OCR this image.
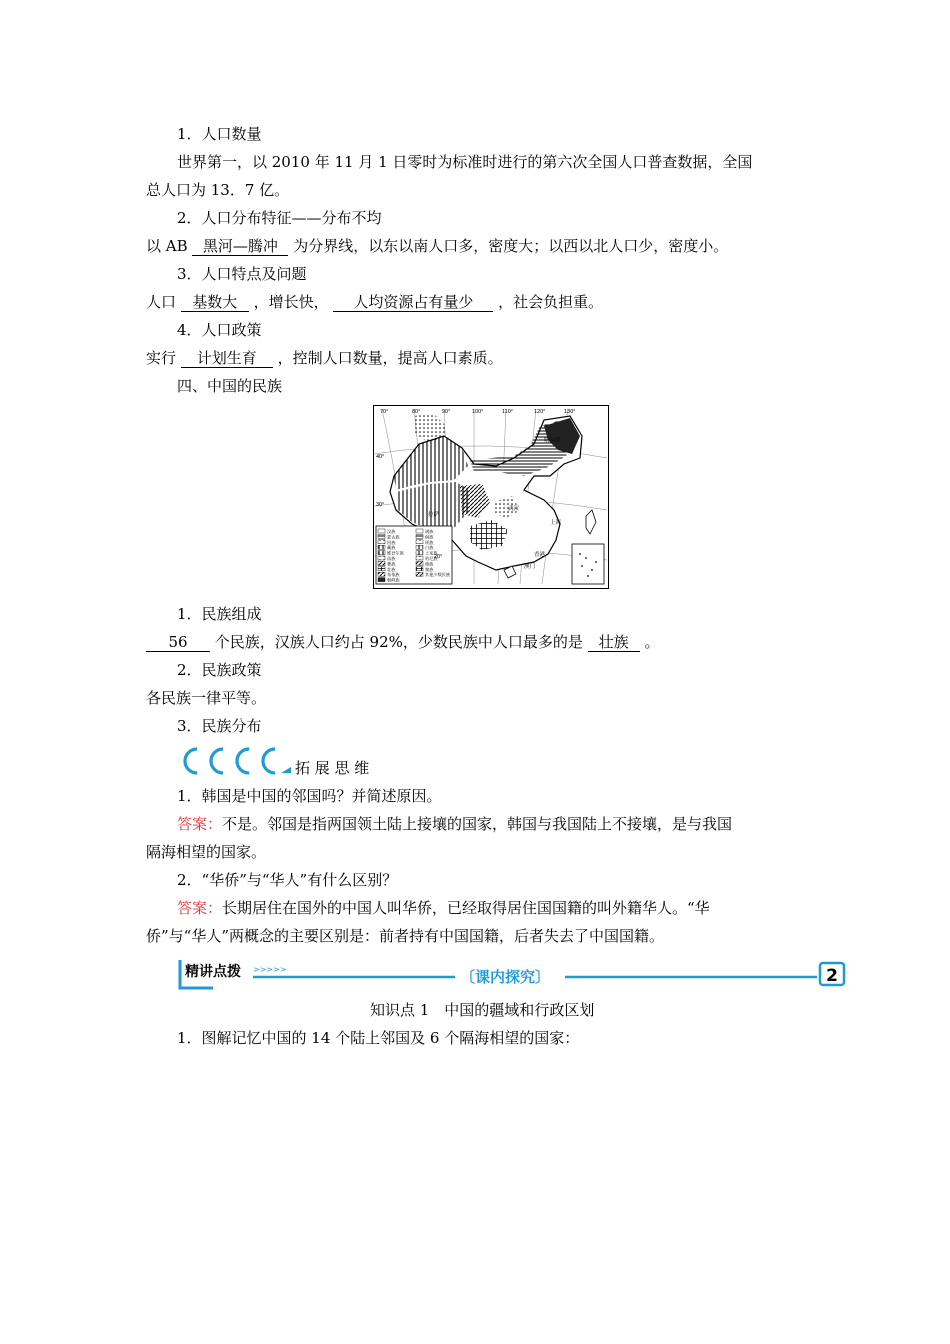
1．人口数量
世界第一，以 2010 年 11 月 1 日零时为标准时进行的第六次全国人口普查数据，全国
总人口为 13．7 亿。
2．人口分布特征——分布不均
以 AB 黑河—腾冲 为分界线，以东以南人口多，密度大；以西以北人口少，密度小。
3．人口特点及问题
人口 基数大 ，增长快， 人均资源占有量少 ，社会负担重。
4．人口政策
实行 计划生育 ，控制人口数量，提高人口素质。
四、中国的民族
汉族
蒙古族
回族
藏族
维吾尔族
苗族
彝族
壮族
布依族
朝鲜族
满族
侗族
瑶族
白族
土家族
哈尼族
傣族
黎族
其他少数民族
70°	80°	90°	100°	110°	120°	130°
40°
30°
20°
哈尔滨
上海
拉萨
武汉
澳门
香港
1．民族组成
56 个民族，汉族人口约占 92%，少数民族中人口最多的是 壮族 。
2．民族政策
各民族一律平等。
3．民族分布
拓 展 思 维
1．韩国是中国的邻国吗？并简述原因。
答案：不是。邻国是指两国领土陆上接壤的国家，韩国与我国陆上不接壤，是与我国
隔海相望的国家。
2．“华侨”与“华人”有什么区别？
答案：长期居住在国外的中国人叫华侨，已经取得居住国国籍的叫外籍华人。“华
侨”与“华人”两概念的主要区别是：前者持有中国国籍，后者失去了中国国籍。
精讲点拨 >>>>>	〔课内探究〕	2
知识点 1　中国的疆域和行政区划
1．图解记忆中国的 14 个陆上邻国及 6 个隔海相望的国家：
